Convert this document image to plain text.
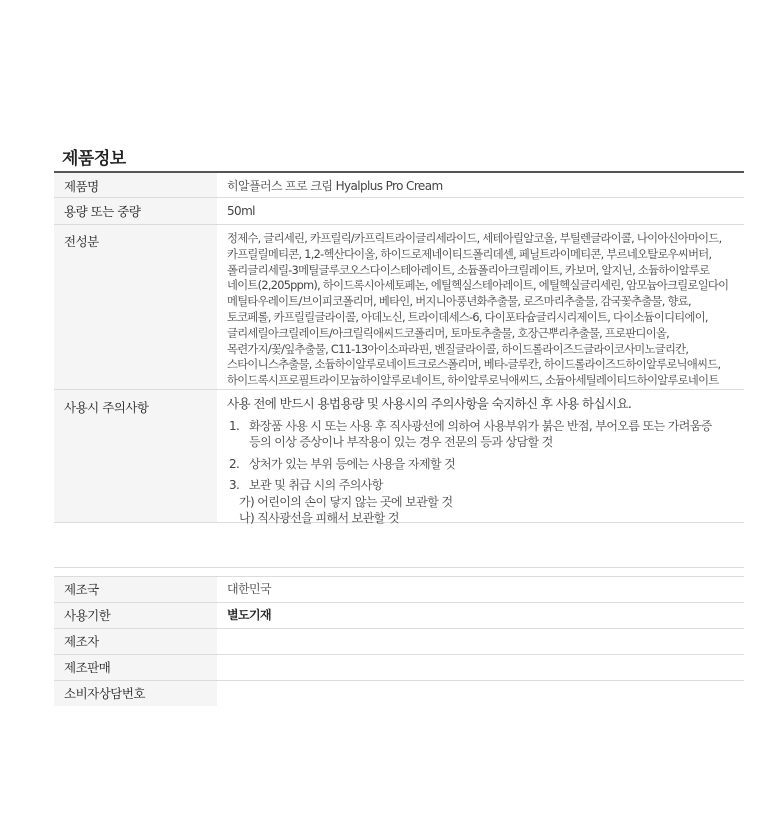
제품정보
제품명	히알플러스 프로 크림 Hyalplus Pro Cream
용량 또는 중량	50ml
전성분	정제수, 글리세린, 카프릴릭/카프릭트라이글리세라이드, 세테아릴알코올, 부틸렌글라이콜, 나이아신아마이드,
카프릴릴메티콘, 1,2-헥산다이올, 하이드로제네이티드폴리데센, 페닐트라이메티콘, 부르네오탈로우씨버터,
폴리글리세릴-3메틸글루코오스다이스테아레이트, 소듐폴리아크릴레이트, 카보머, 알지닌, 소듐하이알루로
네이트(2,205ppm), 하이드록시아세토페논, 에틸헥실스테아레이트, 에틸헥실글리세린, 암모늄아크릴로일다이
메틸타우레이트/브이피코폴리머, 베타인, 버지니아풍년화추출물, 로즈마리추출물, 감국꽃추출물, 향료,
토코페롤, 카프릴릴글라이콜, 아데노신, 트라이데세스-6, 다이포타슘글리시리제이트, 다이소듐이디티에이,
글리세릴아크릴레이트/아크릴릭애씨드코폴리머, 토마토추출물, 호장근뿌리추출물, 프로판디이올,
목련가지/꽃/잎추출물, C11-13아이소파라핀, 벤질글라이콜, 하이드롤라이즈드글라이코사미노글리칸,
스타이니스추출물, 소듐하이알루로네이트크로스폴리머, 베타-글루칸, 하이드롤라이즈드하이알루로닉애씨드,
하이드록시프로필트라이모늄하이알루로네이트, 하이알루로닉애씨드, 소듐아세틸레이티드하이알루로네이트
사용시 주의사항	사용 전에 반드시 용법용량 및 사용시의 주의사항을 숙지하신 후 사용 하십시요.
1. 화장품 사용 시 또는 사용 후 직사광선에 의하여 사용부위가 붉은 반점, 부어오름 또는 가려움증
등의 이상 증상이나 부작용이 있는 경우 전문의 등과 상담할 것
2. 상처가 있는 부위 등에는 사용을 자제할 것
3. 보관 및 취급 시의 주의사항
가) 어린이의 손이 닿지 않는 곳에 보관할 것
나) 직사광선을 피해서 보관할 것
제조국	대한민국
사용기한	별도기재
제조자
제조판매
소비자상담번호
